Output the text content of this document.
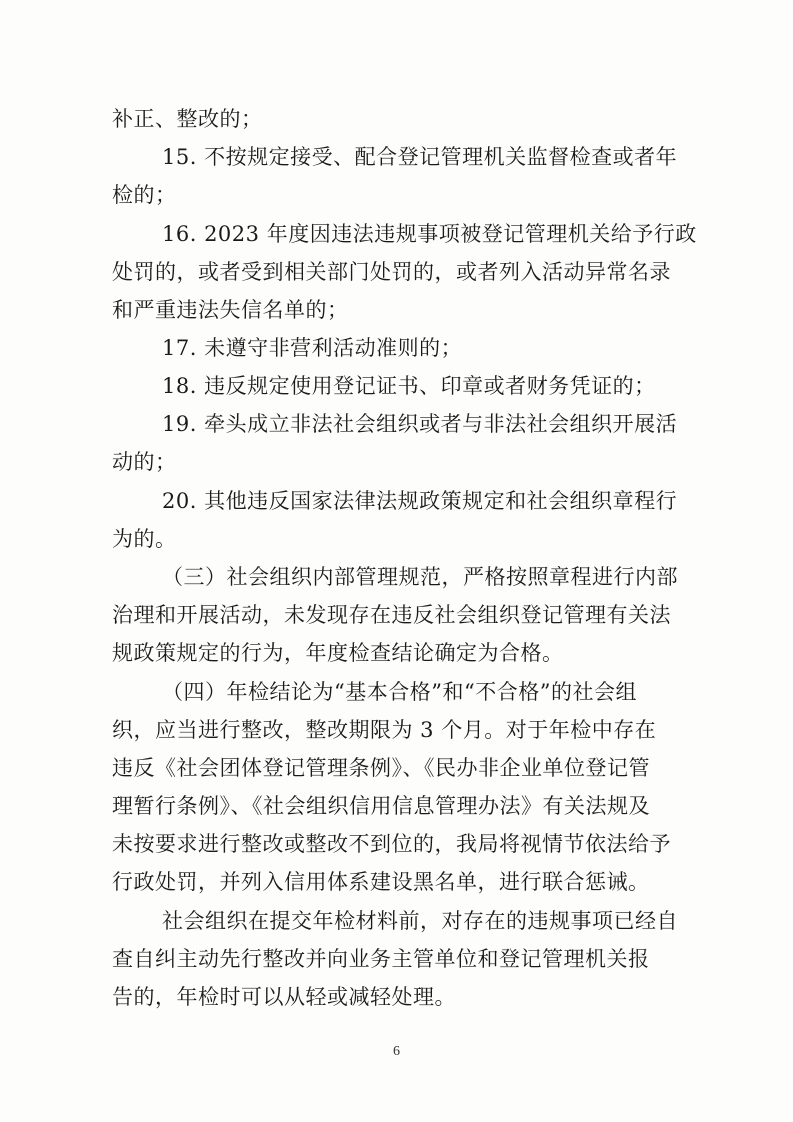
补正、整改的；
15. 不按规定接受、配合登记管理机关监督检查或者年
检的；
16. 2023 年度因违法违规事项被登记管理机关给予行政
处罚的，或者受到相关部门处罚的，或者列入活动异常名录
和严重违法失信名单的；
17. 未遵守非营利活动准则的；
18. 违反规定使用登记证书、印章或者财务凭证的；
19. 牵头成立非法社会组织或者与非法社会组织开展活
动的；
20. 其他违反国家法律法规政策规定和社会组织章程行
为的。
（三）社会组织内部管理规范，严格按照章程进行内部
治理和开展活动，未发现存在违反社会组织登记管理有关法
规政策规定的行为，年度检查结论确定为合格。
（四）年检结论为“基本合格”和“不合格”的社会组
织，应当进行整改，整改期限为 3 个月。对于年检中存在
违反《社会团体登记管理条例》、《民办非企业单位登记管
理暂行条例》、《社会组织信用信息管理办法》有关法规及
未按要求进行整改或整改不到位的，我局将视情节依法给予
行政处罚，并列入信用体系建设黑名单，进行联合惩诫。
社会组织在提交年检材料前，对存在的违规事项已经自
查自纠主动先行整改并向业务主管单位和登记管理机关报
告的，年检时可以从轻或减轻处理。
6
